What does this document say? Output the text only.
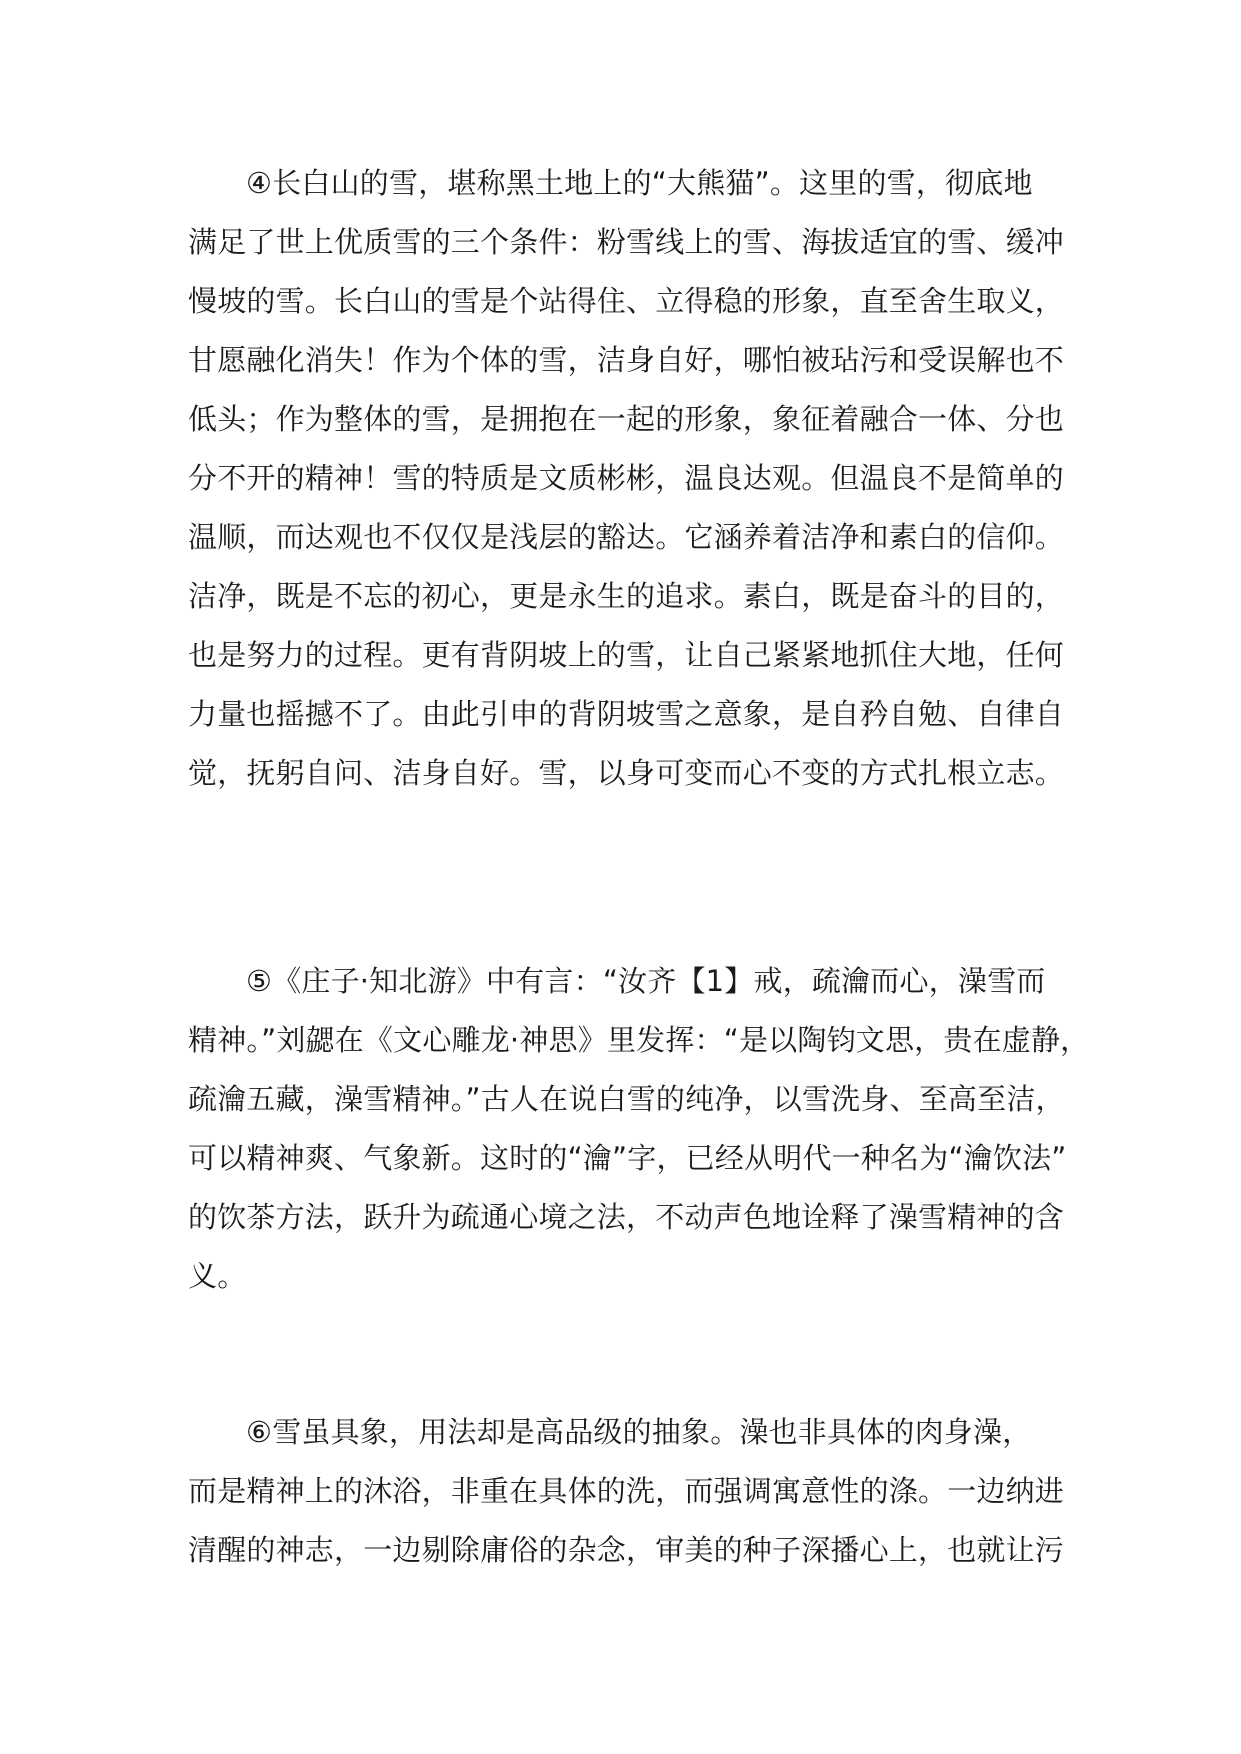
④长白山的雪，堪称黑土地上的“大熊猫”。这里的雪，彻底地
满足了世上优质雪的三个条件：粉雪线上的雪、海拔适宜的雪、缓冲
慢坡的雪。长白山的雪是个站得住、立得稳的形象，直至舍生取义，
甘愿融化消失！作为个体的雪，洁身自好，哪怕被玷污和受误解也不
低头；作为整体的雪，是拥抱在一起的形象，象征着融合一体、分也
分不开的精神！雪的特质是文质彬彬，温良达观。但温良不是简单的
温顺，而达观也不仅仅是浅层的豁达。它涵养着洁净和素白的信仰。
洁净，既是不忘的初心，更是永生的追求。素白，既是奋斗的目的，
也是努力的过程。更有背阴坡上的雪，让自己紧紧地抓住大地，任何
力量也摇撼不了。由此引申的背阴坡雪之意象，是自矜自勉、自律自
觉，抚躬自问、洁身自好。雪，以身可变而心不变的方式扎根立志。
⑤《庄子·知北游》中有言：“汝齐【1】戒，疏瀹而心，澡雪而
精神。”刘勰在《文心雕龙·神思》里发挥：“是以陶钧文思，贵在虚静，
疏瀹五藏，澡雪精神。”古人在说白雪的纯净，以雪洗身、至高至洁，
可以精神爽、气象新。这时的“瀹”字，已经从明代一种名为“瀹饮法”
的饮茶方法，跃升为疏通心境之法，不动声色地诠释了澡雪精神的含
义。
⑥雪虽具象，用法却是高品级的抽象。澡也非具体的肉身澡，
而是精神上的沐浴，非重在具体的洗，而强调寓意性的涤。一边纳进
清醒的神志，一边剔除庸俗的杂念，审美的种子深播心上，也就让污
